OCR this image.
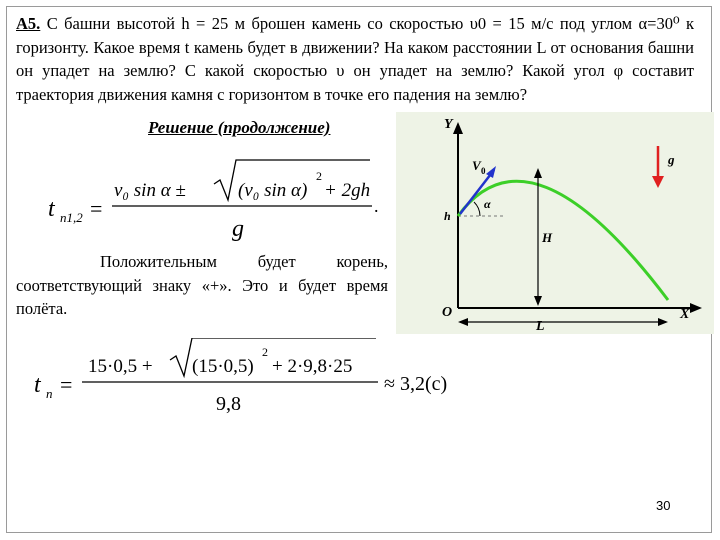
А5. С башни высотой h = 25 м брошен камень со скоростью υ0 = 15 м/с под углом α=30⁰ к горизонту. Какое время t камень будет в движении? На каком расстоянии L от основания башни он упадет на землю? С какой скоростью υ он упадет на землю? Какой угол φ составит траектория движения камня с горизонтом в точке его падения на землю?
Решение (продолжение)
t п1,2 =
v₀ sin α ±	(v₀ sin α)
2
+ 2gh
g
.
Положительным будет корень, соответствующий знаку «+». Это и будет время полёта.
Y
X
O
h
H
L
V 0
α
g
t п =
15·0,5 + (15·0,5)
2
+ 2·9,8·25
9,8
≈ 3,2(с)
30
